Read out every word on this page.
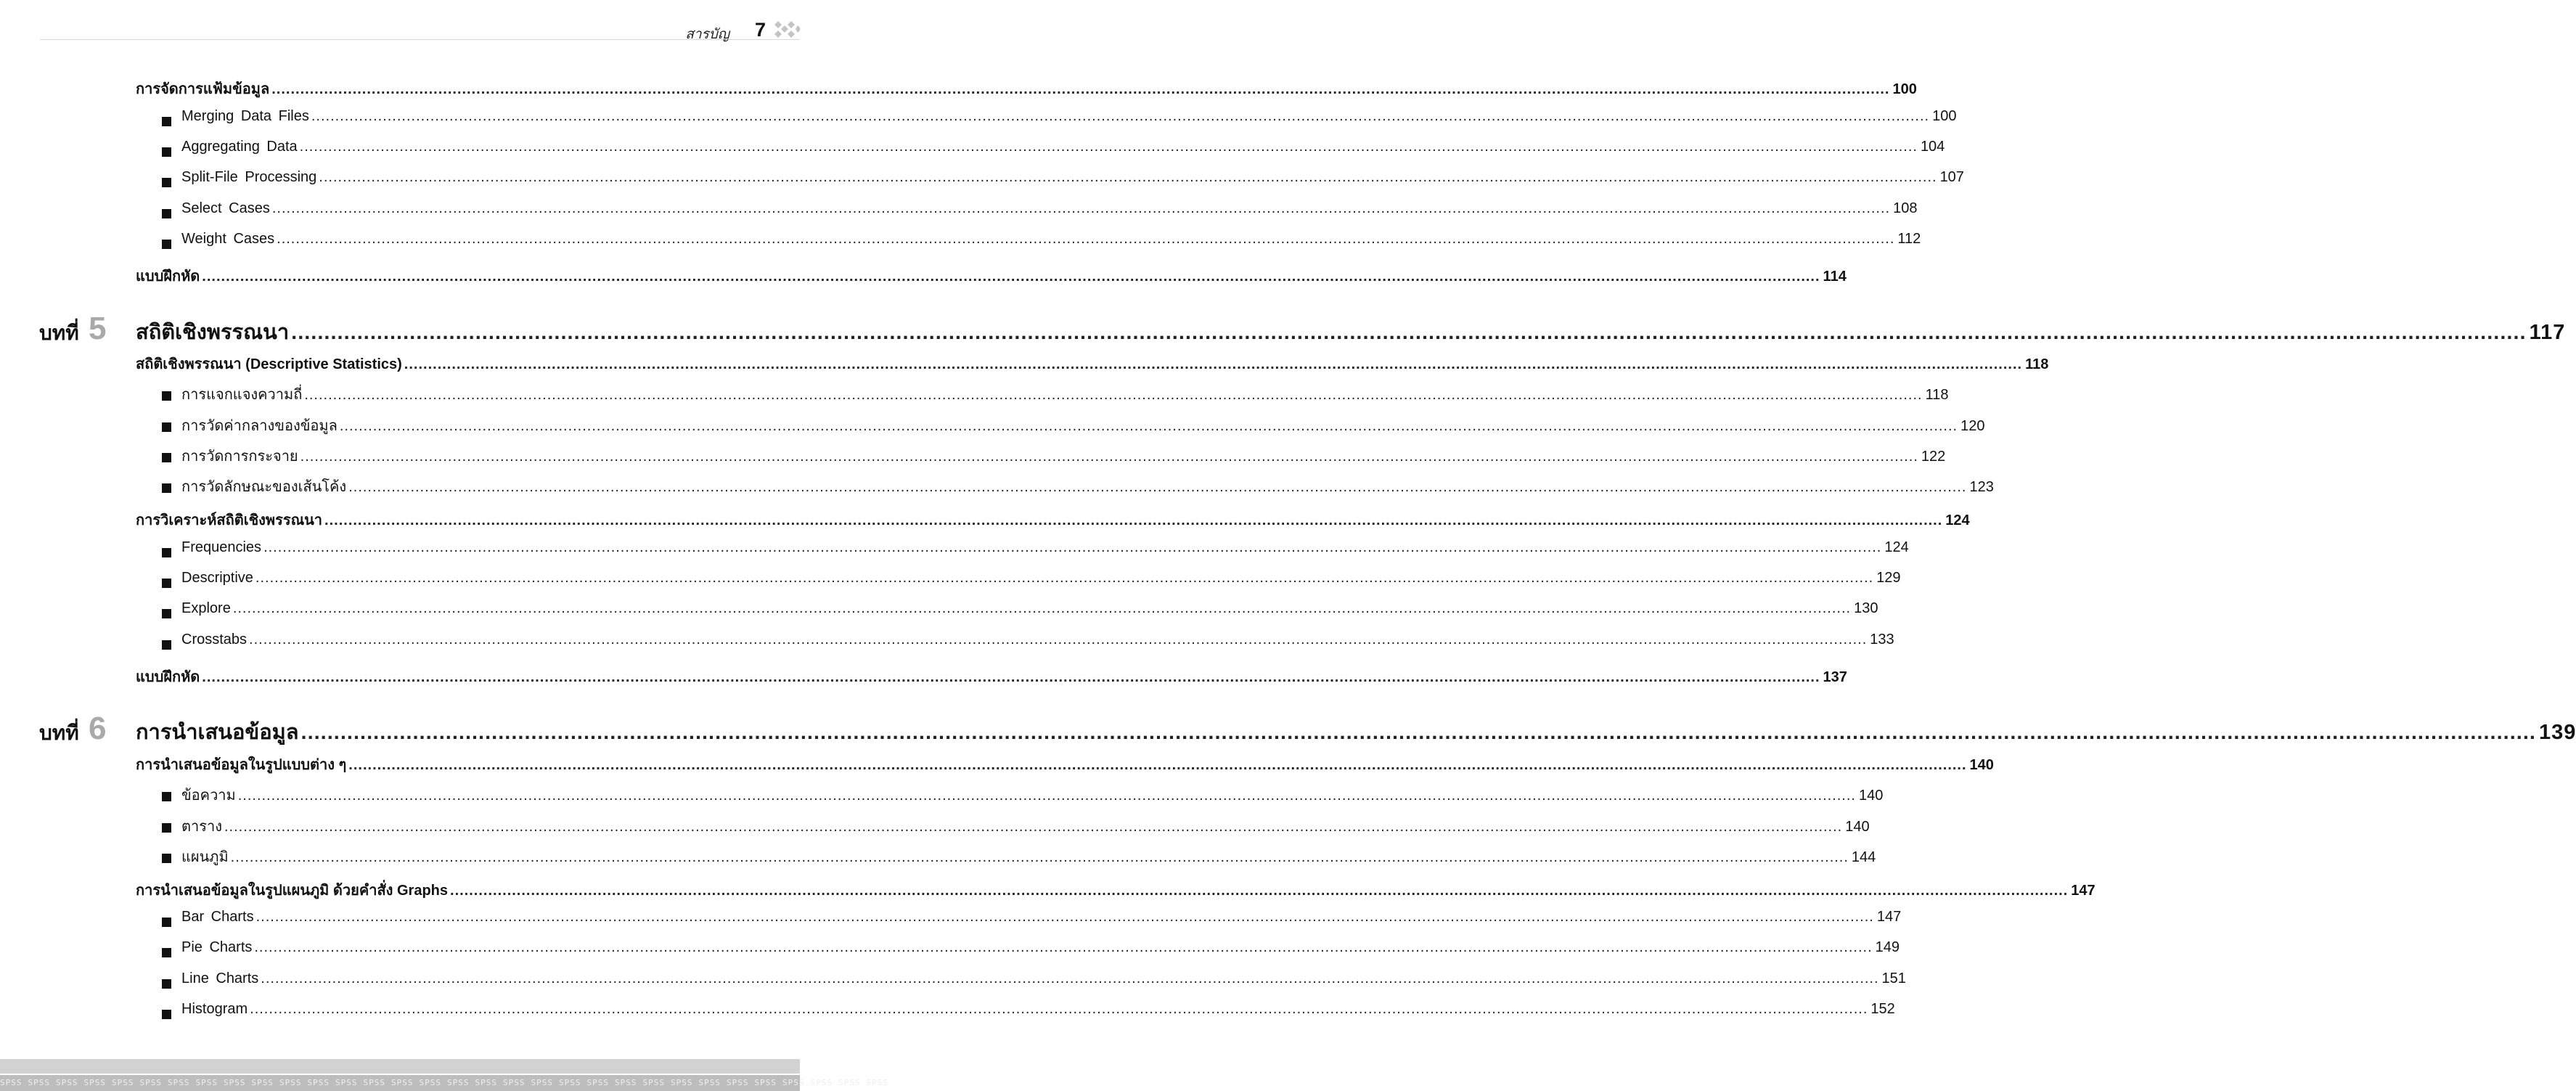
สารบัญ	7
การจัดการแฟ้มข้อมูล .....	100
Merging Data Files .....	100
Aggregating Data .....	104
Split-File Processing .....	107
Select Cases .....	108
Weight Cases .....	112
แบบฝึกหัด .....	114
บทที่ 5 สถิติเชิงพรรณนา .....	117
สถิติเชิงพรรณนา (Descriptive Statistics) .....	118
การแจกแจงความถี่ .....	118
การวัดค่ากลางของข้อมูล .....	120
การวัดการกระจาย .....	122
การวัดลักษณะของเส้นโค้ง .....	123
การวิเคราะห์สถิติเชิงพรรณนา .....	124
Frequencies .....	124
Descriptive .....	129
Explore .....	130
Crosstabs .....	133
แบบฝึกหัด .....	137
บทที่ 6 การนำเสนอข้อมูล .....	139
การนำเสนอข้อมูลในรูปแบบต่าง ๆ .....	140
ข้อความ .....	140
ตาราง .....	140
แผนภูมิ .....	144
การนำเสนอข้อมูลในรูปแผนภูมิ ด้วยคำสั่ง Graphs .....	147
Bar Charts .....	147
Pie Charts .....	149
Line Charts .....	151
Histogram .....	152
SPSS SPSS SPSS SPSS SPSS SPSS SPSS SPSS SPSS SPSS SPSS SPSS SPSS SPSS SPSS SPSS SPSS SPSS SPSS SPSS SPSS SPSS SPSS SPSS SPSS SPSS SPSS SPSS SPSS SPSS SPSS SPSS
